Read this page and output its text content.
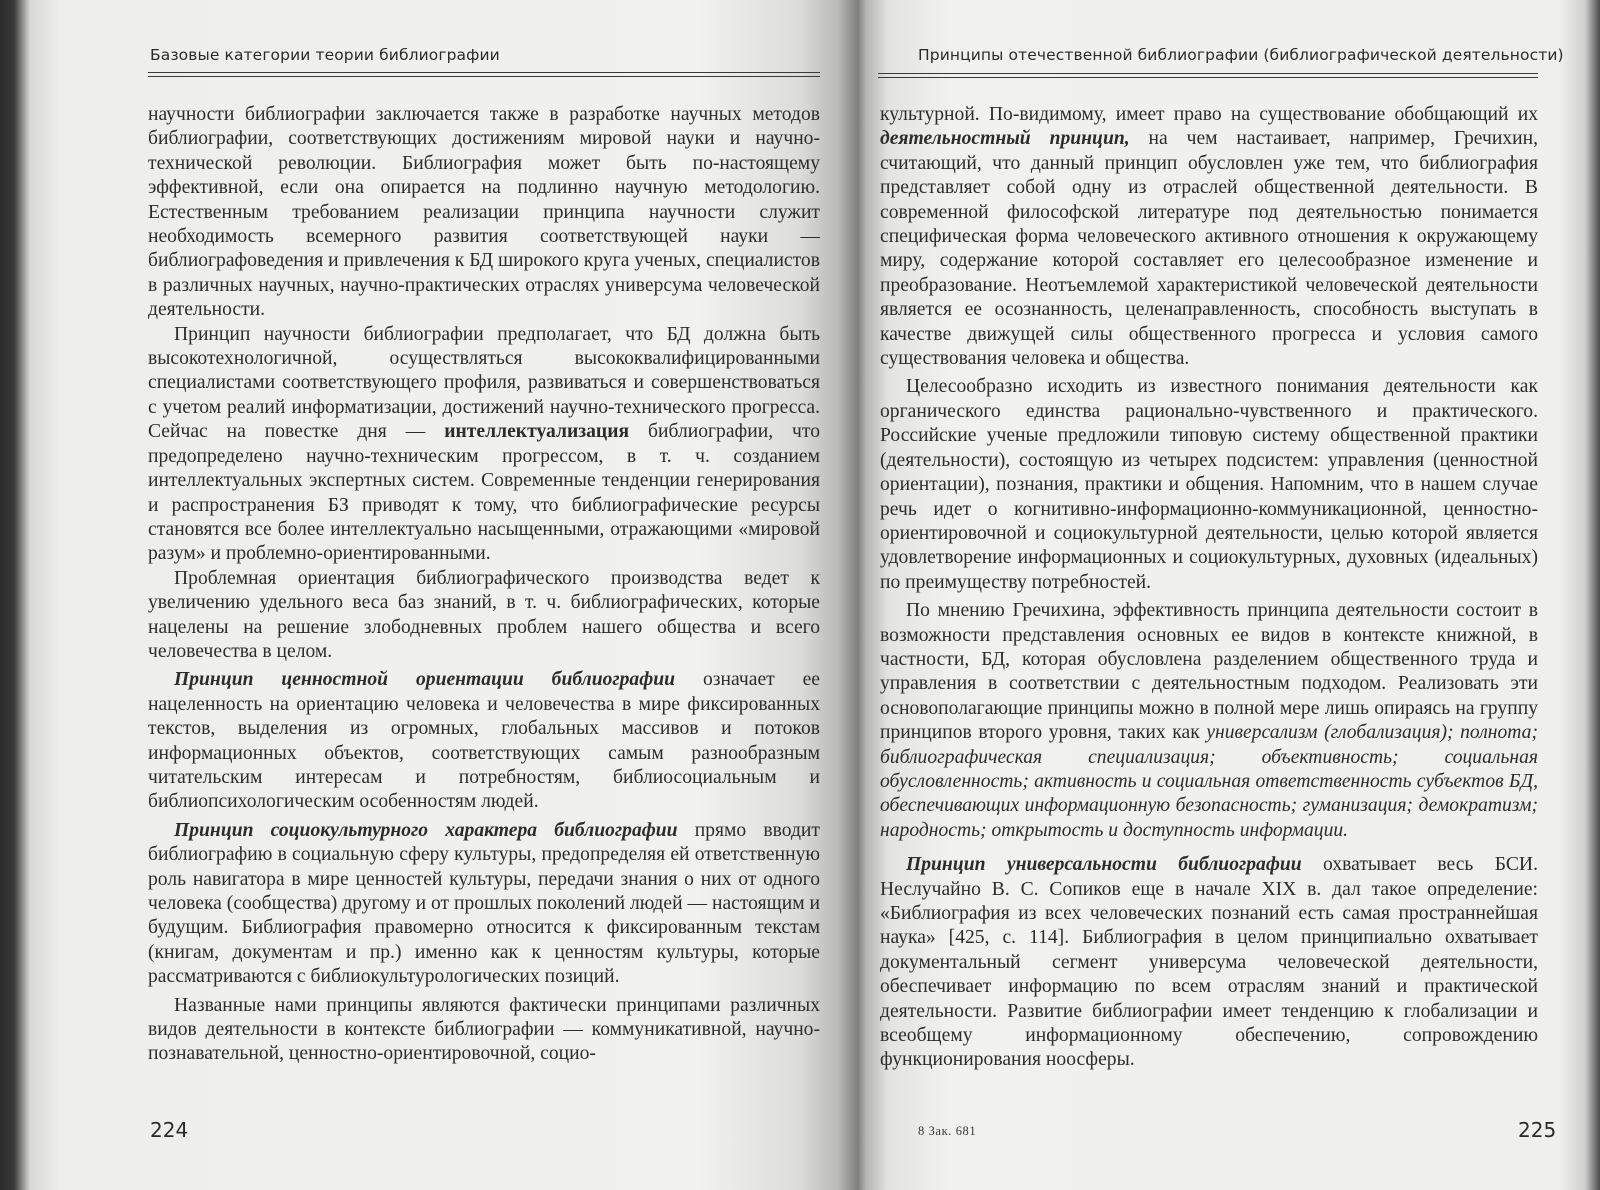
Базовые категории теории библиографии

научности библиографии заключается также в разработке научных методов библиографии, соответствующих достижениям мировой науки и научно-технической революции. Библиография может быть по-настоящему эффективной, если она опирается на подлинно научную методологию. Естественным требованием реализации принципа научности служит необходимость всемерного развития соответствующей науки — библиографоведения и привлечения к БД широкого круга ученых, специалистов в различных научных, научно-практических отраслях универсума человеческой деятельности.

Принцип научности библиографии предполагает, что БД должна быть высокотехнологичной, осуществляться высококвалифицированными специалистами соответствующего профиля, развиваться и совершенствоваться с учетом реалий информатизации, достижений научно-технического прогресса. Сейчас на повестке дня — интеллектуализация библиографии, что предопределено научно-техническим прогрессом, в т. ч. созданием интеллектуальных экспертных систем. Современные тенденции генерирования и распространения БЗ приводят к тому, что библиографические ресурсы становятся все более интеллектуально насыщенными, отражающими «мировой разум» и проблемно-ориентированными.

Проблемная ориентация библиографического производства ведет к увеличению удельного веса баз знаний, в т. ч. библиографических, которые нацелены на решение злободневных проблем нашего общества и всего человечества в целом.

Принцип ценностной ориентации библиографии означает ее нацеленность на ориентацию человека и человечества в мире фиксированных текстов, выделения из огромных, глобальных массивов и потоков информационных объектов, соответствующих самым разнообразным читательским интересам и потребностям, библиосоциальным и библиопсихологическим особенностям людей.

Принцип социокультурного характера библиографии прямо вводит библиографию в социальную сферу культуры, предопределяя ей ответственную роль навигатора в мире ценностей культуры, передачи знания о них от одного человека (сообщества) другому и от прошлых поколений людей — настоящим и будущим. Библиография правомерно относится к фиксированным текстам (книгам, документам и пр.) именно как к ценностям культуры, которые рассматриваются с библиокультурологических позиций.

Названные нами принципы являются фактически принципами различных видов деятельности в контексте библиографии — коммуникативной, научно-познавательной, ценностно-ориентировочной, социо-

224
Принципы отечественной библиографии (библиографической деятельности)

культурной. По-видимому, имеет право на существование обобщающий их деятельностный принцип, на чем настаивает, например, Гречихин, считающий, что данный принцип обусловлен уже тем, что библиография представляет собой одну из отраслей общественной деятельности. В современной философской литературе под деятельностью понимается специфическая форма человеческого активного отношения к окружающему миру, содержание которой составляет его целесообразное изменение и преобразование. Неотъемлемой характеристикой человеческой деятельности является ее осознанность, целенаправленность, способность выступать в качестве движущей силы общественного прогресса и условия самого существования человека и общества.

Целесообразно исходить из известного понимания деятельности как органического единства рационально-чувственного и практического. Российские ученые предложили типовую систему общественной практики (деятельности), состоящую из четырех подсистем: управления (ценностной ориентации), познания, практики и общения. Напомним, что в нашем случае речь идет о когнитивно-информационно-коммуникационной, ценностно-ориентировочной и социокультурной деятельности, целью которой является удовлетворение информационных и социокультурных, духовных (идеальных) по преимуществу потребностей.

По мнению Гречихина, эффективность принципа деятельности состоит в возможности представления основных ее видов в контексте книжной, в частности, БД, которая обусловлена разделением общественного труда и управления в соответствии с деятельностным подходом. Реализовать эти основополагающие принципы можно в полной мере лишь опираясь на группу принципов второго уровня, таких как универсализм (глобализация); полнота; библиографическая специализация; объективность; социальная обусловленность; активность и социальная ответственность субъектов БД, обеспечивающих информационную безопасность; гуманизация; демократизм; народность; открытость и доступность информации.

Принцип универсальности библиографии охватывает весь БСИ. Неслучайно В. С. Сопиков еще в начале XIX в. дал такое определение: «Библиография из всех человеческих познаний есть самая пространнейшая наука» [425, с. 114]. Библиография в целом принципиально охватывает документальный сегмент универсума человеческой деятельности, обеспечивает информацию по всем отраслям знаний и практической деятельности. Развитие библиографии имеет тенденцию к глобализации и всеобщему информационному обеспечению, сопровождению функционирования ноосферы.

8 Зак. 681	225
